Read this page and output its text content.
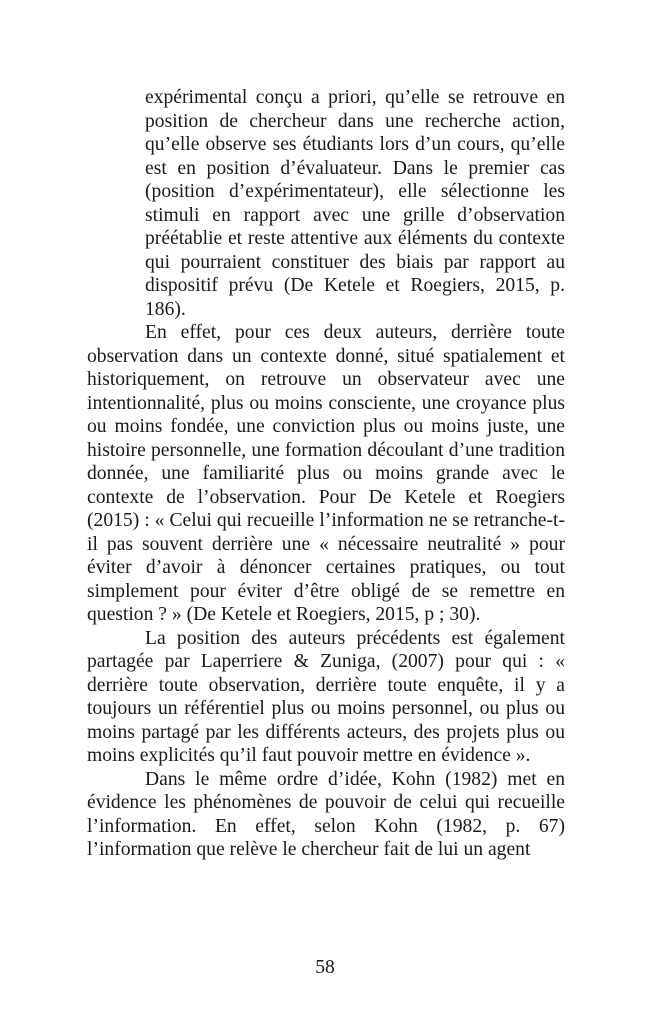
expérimental conçu a priori, qu’elle se retrouve en position de chercheur dans une recherche action, qu’elle observe ses étudiants lors d’un cours, qu’elle est en position d’évaluateur. Dans le premier cas (position d’expérimentateur), elle sélectionne les stimuli en rapport avec une grille d’observation préétablie et reste attentive aux éléments du contexte qui pourraient constituer des biais par rapport au dispositif prévu (De Ketele et Roegiers, 2015, p. 186).

En effet, pour ces deux auteurs, derrière toute observation dans un contexte donné, situé spatialement et historiquement, on retrouve un observateur avec une intentionnalité, plus ou moins consciente, une croyance plus ou moins fondée, une conviction plus ou moins juste, une histoire personnelle, une formation découlant d’une tradition donnée, une familiarité plus ou moins grande avec le contexte de l’observation. Pour De Ketele et Roegiers (2015) : « Celui qui recueille l’information ne se retranche-t-il pas souvent derrière une « nécessaire neutralité » pour éviter d’avoir à dénoncer certaines pratiques, ou tout simplement pour éviter d’être obligé de se remettre en question ? » (De Ketele et Roegiers, 2015, p ; 30).

La position des auteurs précédents est également partagée par Laperriere & Zuniga, (2007) pour qui : « derrière toute observation, derrière toute enquête, il y a toujours un référentiel plus ou moins personnel, ou plus ou moins partagé par les différents acteurs, des projets plus ou moins explicités qu’il faut pouvoir mettre en évidence ».

Dans le même ordre d’idée, Kohn (1982) met en évidence les phénomènes de pouvoir de celui qui recueille l’information. En effet, selon Kohn (1982, p. 67) l’information que relève le chercheur fait de lui un agent

58
